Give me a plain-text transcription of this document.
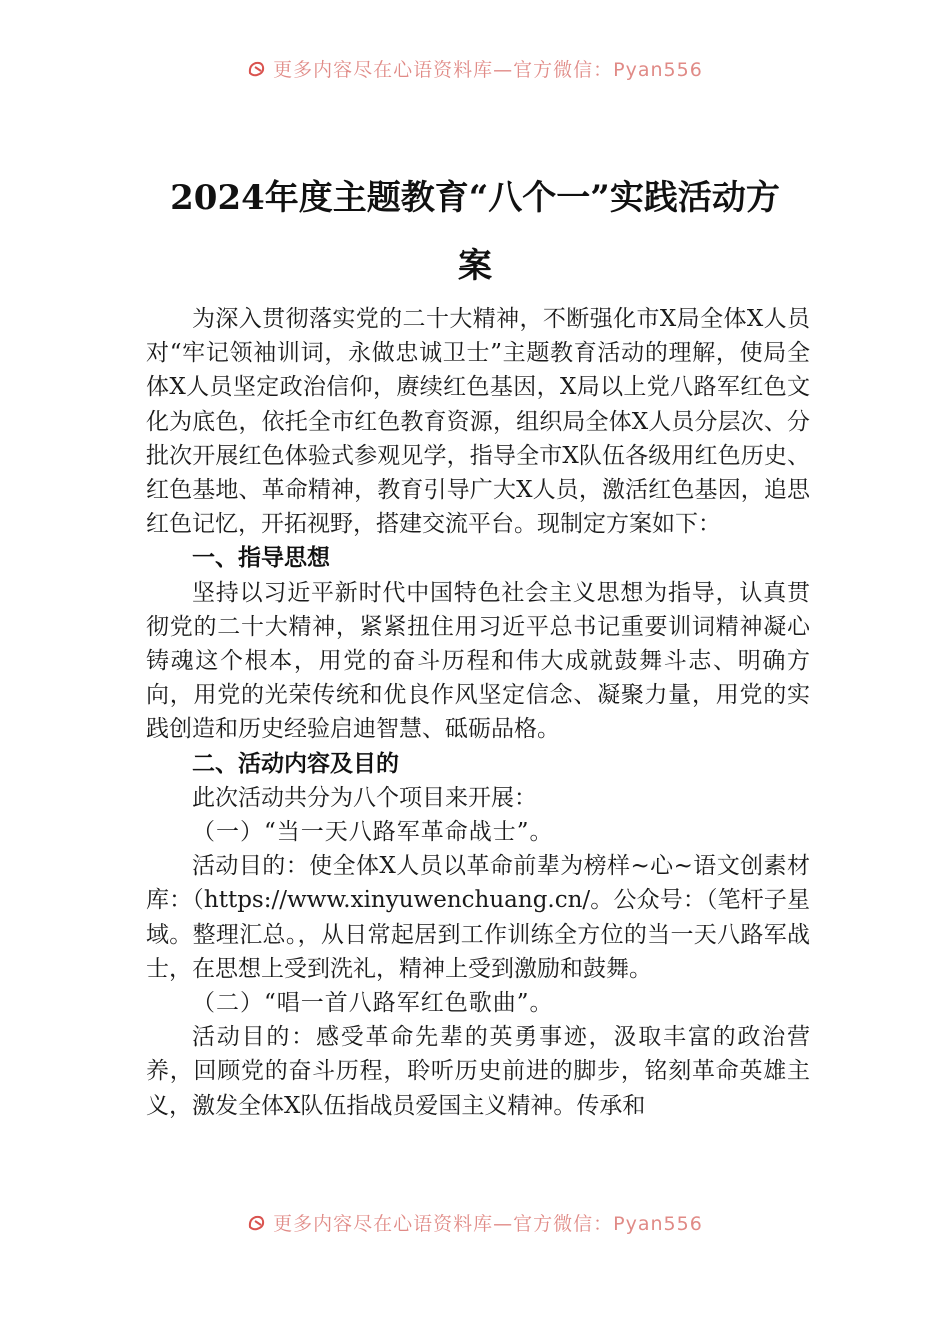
更多内容尽在心语资料库—官方微信：Pyan556
2024年度主题教育“八个一”实践活动方
案

为深入贯彻落实党的二十大精神，不断强化市X局全体X人员对“牢记领袖训词，永做忠诚卫士”主题教育活动的理解，使局全体X人员坚定政治信仰，赓续红色基因，X局以上党八路军红色文化为底色，依托全市红色教育资源，组织局全体X人员分层次、分批次开展红色体验式参观见学，指导全市X队伍各级用红色历史、红色基地、革命精神，教育引导广大X人员，激活红色基因，追思红色记忆，开拓视野，搭建交流平台。现制定方案如下：

一、指导思想

坚持以习近平新时代中国特色社会主义思想为指导，认真贯彻党的二十大精神，紧紧扭住用习近平总书记重要训词精神凝心铸魂这个根本，用党的奋斗历程和伟大成就鼓舞斗志、明确方向，用党的光荣传统和优良作风坚定信念、凝聚力量，用党的实践创造和历史经验启迪智慧、砥砺品格。

二、活动内容及目的

此次活动共分为八个项目来开展：

（一）“当一天八路军革命战士”。

活动目的：使全体X人员以革命前辈为榜样~心~语文创素材库：（https://www.xinyuwenchuang.cn/。公众号：（笔杆子星域。整理汇总。，从日常起居到工作训练全方位的当一天八路军战士，在思想上受到洗礼，精神上受到激励和鼓舞。

（二）“唱一首八路军红色歌曲”。

活动目的：感受革命先辈的英勇事迹，汲取丰富的政治营养，回顾党的奋斗历程，聆听历史前进的脚步，铭刻革命英雄主义，激发全体X队伍指战员爱国主义精神。传承和

更多内容尽在心语资料库—官方微信：Pyan556
